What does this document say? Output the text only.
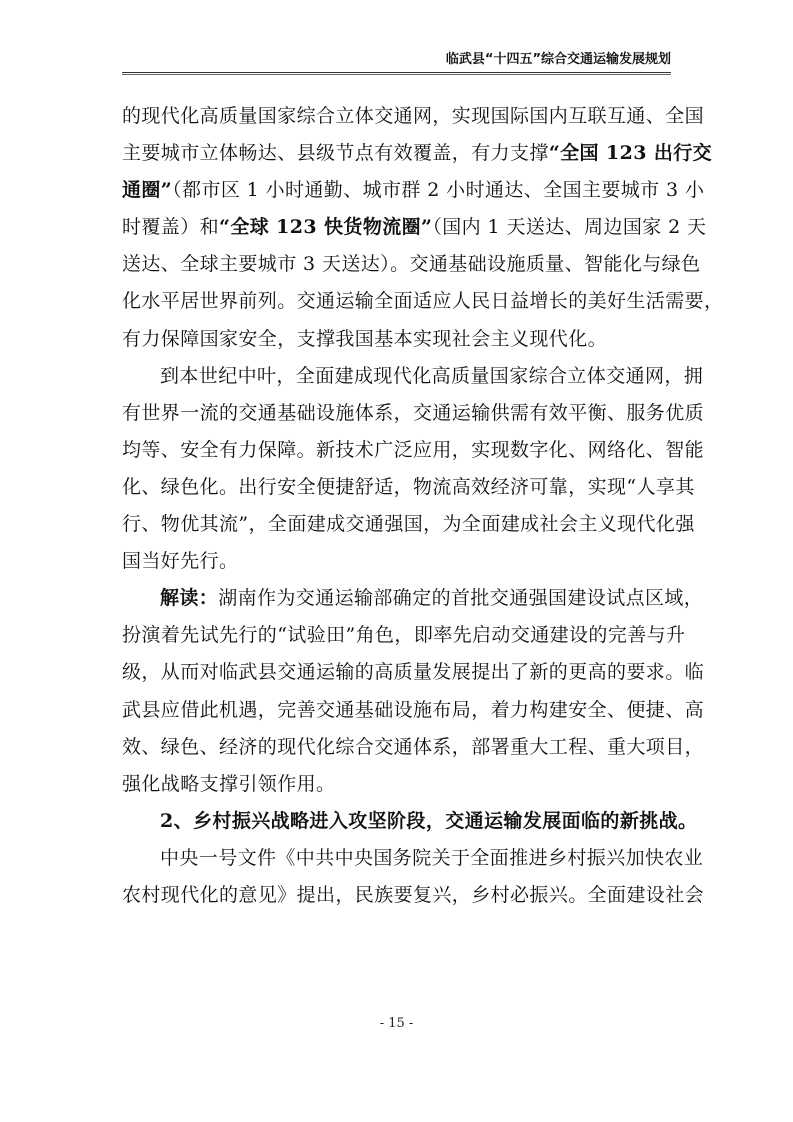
临武县“十四五”综合交通运输发展规划
的现代化高质量国家综合立体交通网，实现国际国内互联互通、全国
主要城市立体畅达、县级节点有效覆盖，有力支撑“全国 123 出行交
通圈”（都市区 1 小时通勤、城市群 2 小时通达、全国主要城市 3 小
时覆盖）和“全球 123 快货物流圈”（国内 1 天送达、周边国家 2 天
送达、全球主要城市 3 天送达）。交通基础设施质量、智能化与绿色
化水平居世界前列。交通运输全面适应人民日益增长的美好生活需要，
有力保障国家安全，支撑我国基本实现社会主义现代化。
到本世纪中叶，全面建成现代化高质量国家综合立体交通网，拥
有世界一流的交通基础设施体系，交通运输供需有效平衡、服务优质
均等、安全有力保障。新技术广泛应用，实现数字化、网络化、智能
化、绿色化。出行安全便捷舒适，物流高效经济可靠，实现“人享其
行、物优其流”，全面建成交通强国，为全面建成社会主义现代化强
国当好先行。
解读：湖南作为交通运输部确定的首批交通强国建设试点区域，
扮演着先试先行的“试验田”角色，即率先启动交通建设的完善与升
级，从而对临武县交通运输的高质量发展提出了新的更高的要求。临
武县应借此机遇，完善交通基础设施布局，着力构建安全、便捷、高
效、绿色、经济的现代化综合交通体系，部署重大工程、重大项目，
强化战略支撑引领作用。
2、乡村振兴战略进入攻坚阶段，交通运输发展面临的新挑战。
中央一号文件《中共中央国务院关于全面推进乡村振兴加快农业
农村现代化的意见》提出，民族要复兴，乡村必振兴。全面建设社会
- 15 -
